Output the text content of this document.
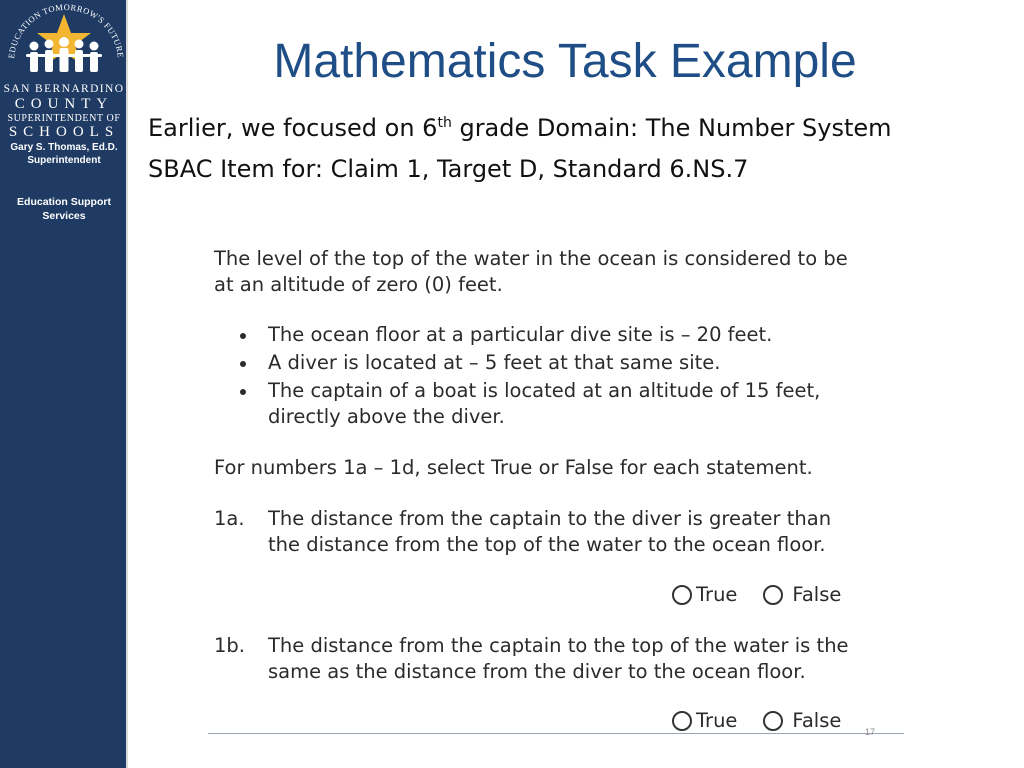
EDUCATION TOMORROW'S FUTURE
SAN BERNARDINO
COUNTY
SUPERINTENDENT OF
SCHOOLS
Gary S. Thomas, Ed.D.
Superintendent
Education Support
Services
Mathematics Task Example
Earlier, we focused on 6th grade Domain: The Number System
SBAC Item for: Claim 1, Target D, Standard 6.NS.7
The level of the top of the water in the ocean is considered to be
at an altitude of zero (0) feet.
The ocean floor at a particular dive site is – 20 feet.
A diver is located at – 5 feet at that same site.
The captain of a boat is located at an altitude of 15 feet,
directly above the diver.
For numbers 1a – 1d, select True or False for each statement.
1a. The distance from the captain to the diver is greater than
the distance from the top of the water to the ocean floor.
True	False
1b. The distance from the captain to the top of the water is the
same as the distance from the diver to the ocean floor.
True	False	17
